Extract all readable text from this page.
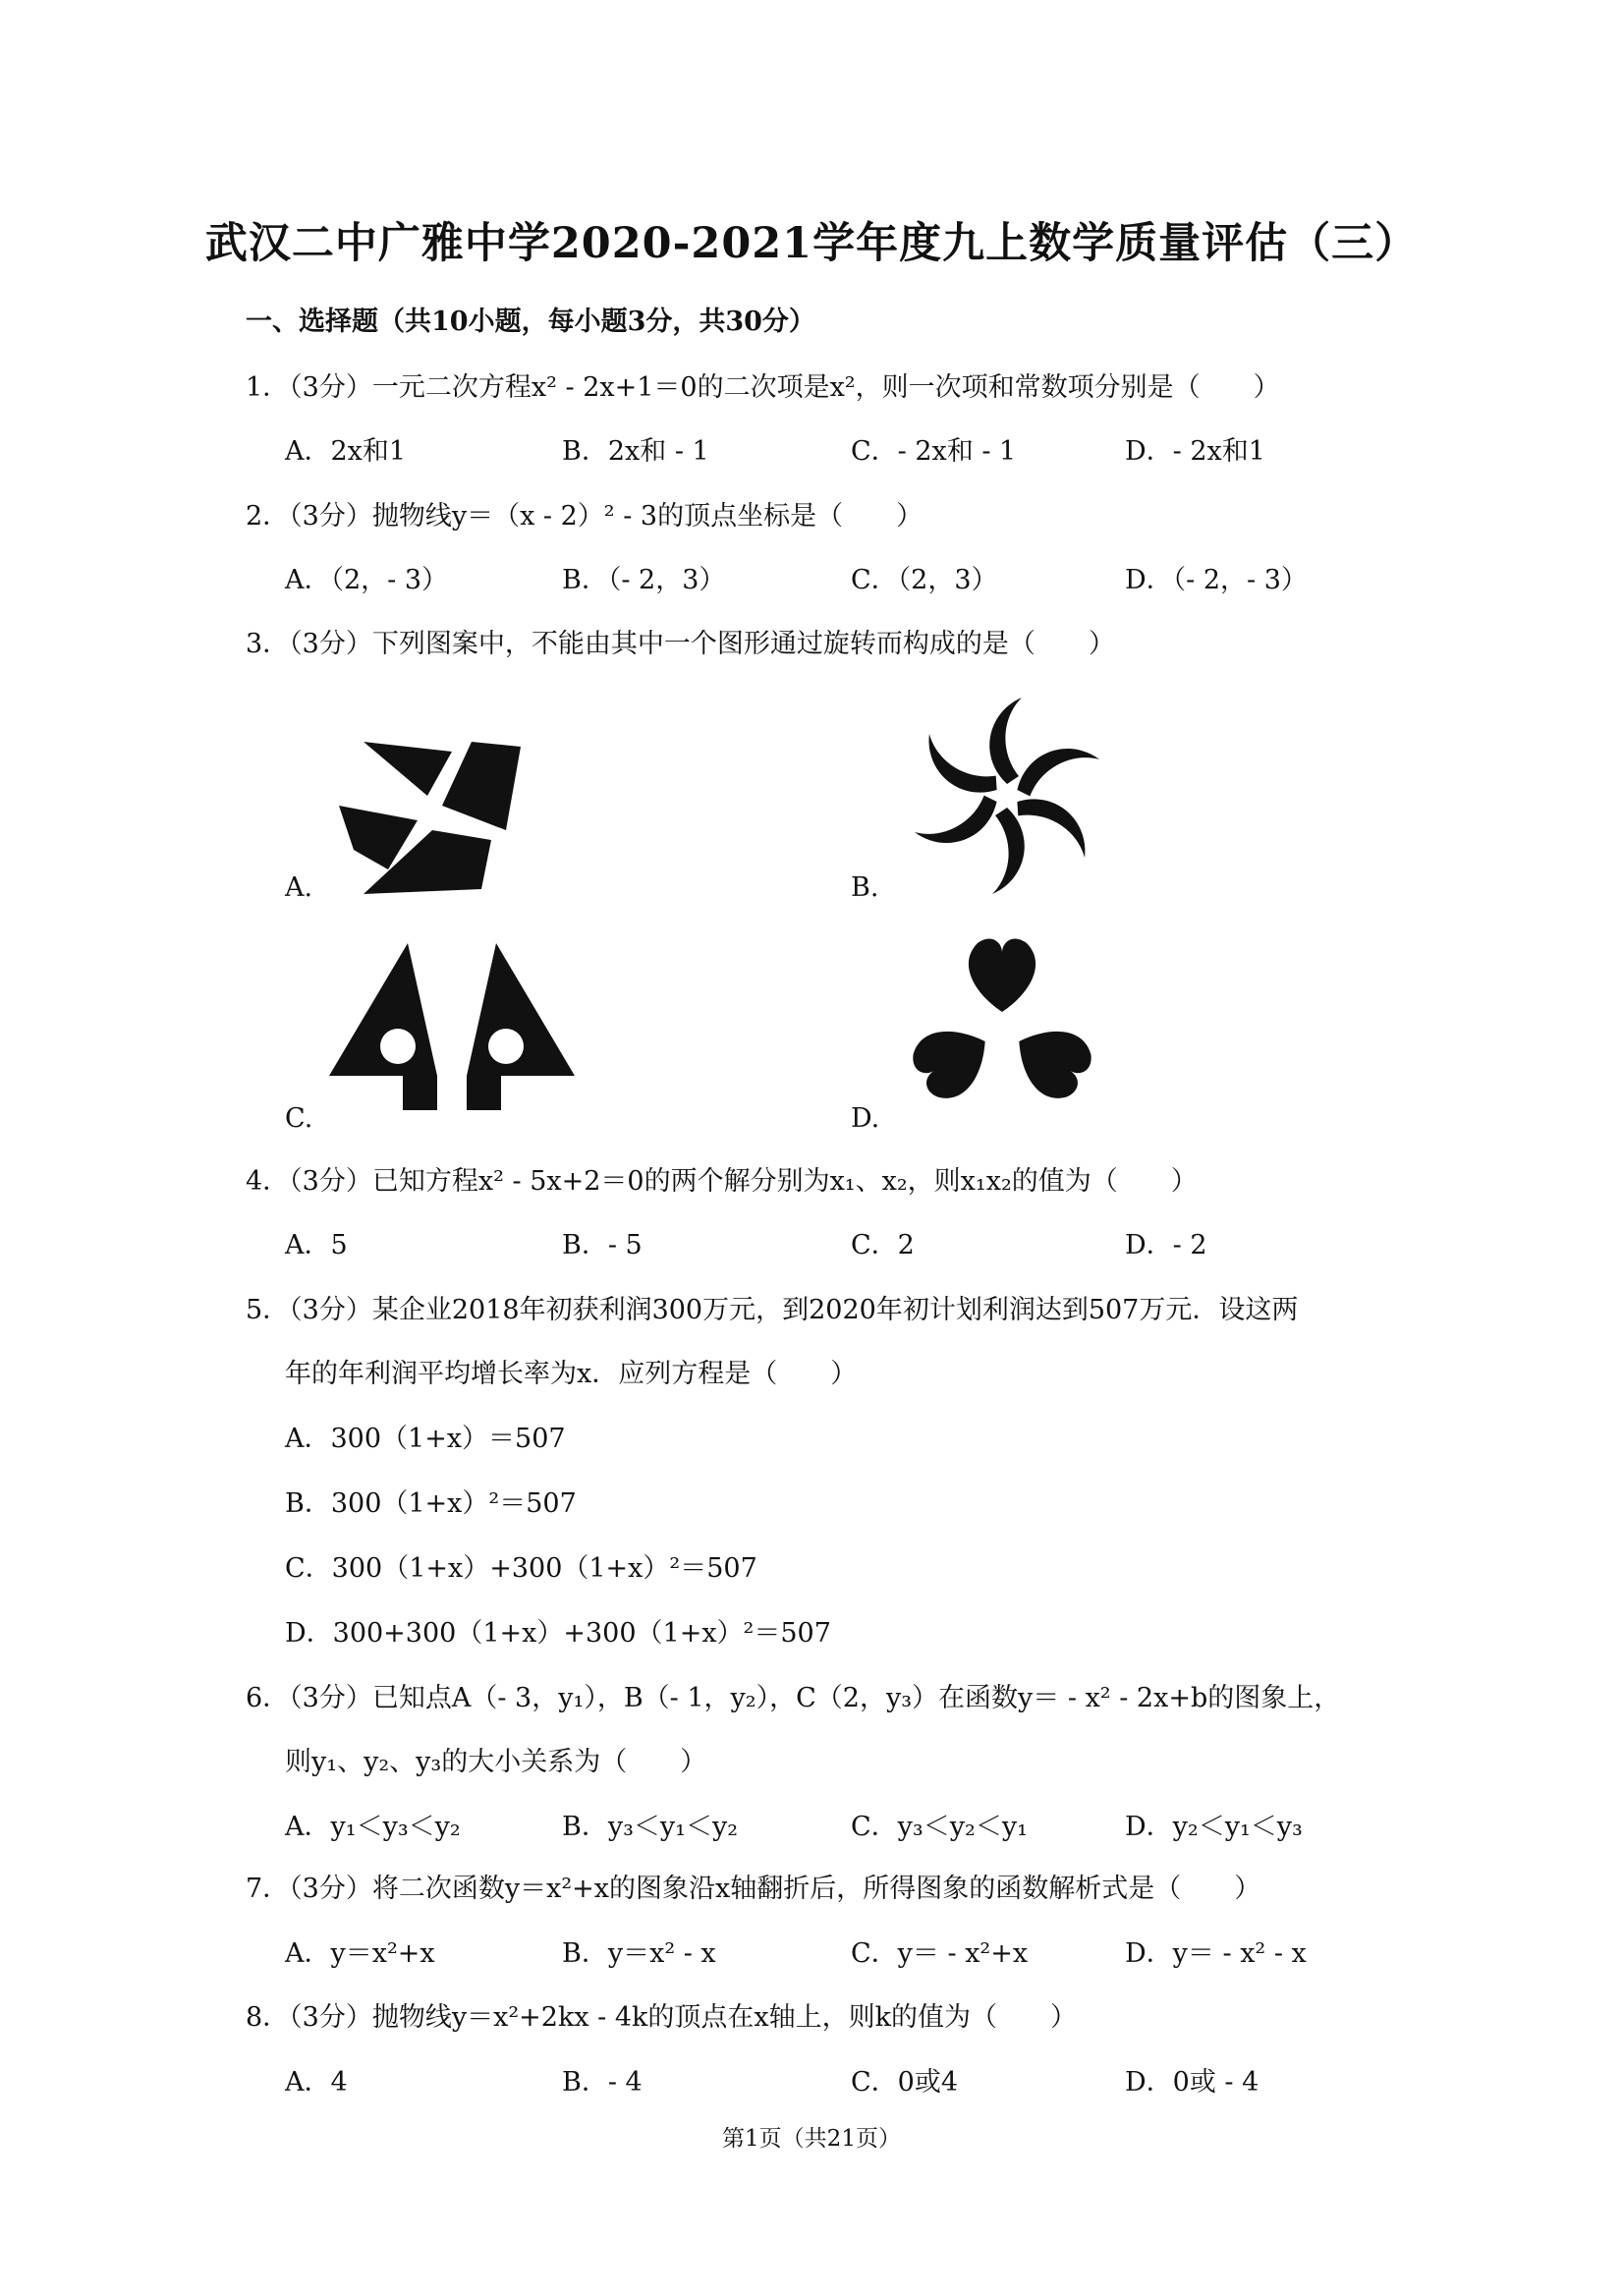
武汉二中广雅中学2020-2021学年度九上数学质量评估（三）
一、选择题（共10小题，每小题3分，共30分）
1．（3分）一元二次方程x² - 2x+1＝0的二次项是x²，则一次项和常数项分别是（　　）
A．2x和1	B．2x和 - 1	C．- 2x和 - 1	D．- 2x和1
2．（3分）抛物线y＝（x - 2）² - 3的顶点坐标是（　　）
A．（2，- 3）	B．（- 2，3）	C．（2，3）	D．（- 2，- 3）
3．（3分）下列图案中，不能由其中一个图形通过旋转而构成的是（　　）
A.	B.
C.	D.
4．（3分）已知方程x² - 5x+2＝0的两个解分别为x₁、x₂，则x₁x₂的值为（　　）
A．5	B．- 5	C．2	D．- 2
5．（3分）某企业2018年初获利润300万元，到2020年初计划利润达到507万元．设这两
年的年利润平均增长率为x．应列方程是（　　）
A．300（1+x）＝507
B．300（1+x）²＝507
C．300（1+x）+300（1+x）²＝507
D．300+300（1+x）+300（1+x）²＝507
6．（3分）已知点A（- 3，y₁），B（- 1，y₂），C（2，y₃）在函数y＝ - x² - 2x+b的图象上，
则y₁、y₂、y₃的大小关系为（　　）
A．y₁＜y₃＜y₂	B．y₃＜y₁＜y₂	C．y₃＜y₂＜y₁	D．y₂＜y₁＜y₃
7．（3分）将二次函数y＝x²+x的图象沿x轴翻折后，所得图象的函数解析式是（　　）
A．y＝x²+x	B．y＝x² - x	C．y＝ - x²+x	D．y＝ - x² - x
8．（3分）抛物线y＝x²+2kx - 4k的顶点在x轴上，则k的值为（　　）
A．4	B．- 4	C．0或4	D．0或 - 4
第1页（共21页）
